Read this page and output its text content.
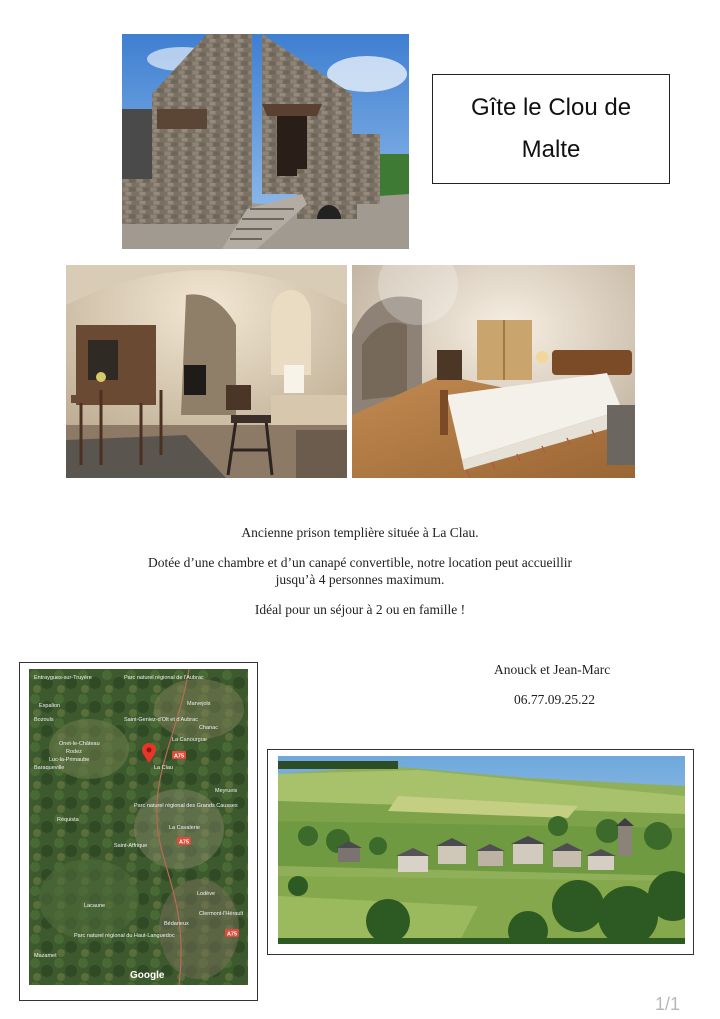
Gîte le Clou de Malte
Ancienne prison templière située à La Clau.
Dotée d’une chambre et d’un canapé convertible, notre location peut accueillir jusqu’à 4 personnes maximum.
Idéal pour un séjour à 2 ou en famille !
Anouck et Jean-Marc
06.77.09.25.22
Entraygues-sur-Truyère	Parc naturel régional de l'Aubrac
Espalion
Bozouls	Saint-Geniez-d'Olt et d'Aubrac
Marvejols
Chanac
La Canourgue
Onet-le-Château
Rodez
Luc-la-Primaube
Baraqueville	La Clau
Meyrueis
Réquista
Parc naturel régional des Grands Causses
La Cavalerie
Saint-Affrique
Lacaune
Lodève
Bédarieux
Parc naturel régional du Haut-Languedoc
Mazamet
Clermont-l'Hérault
A75
A75
A75
Google
1/1
